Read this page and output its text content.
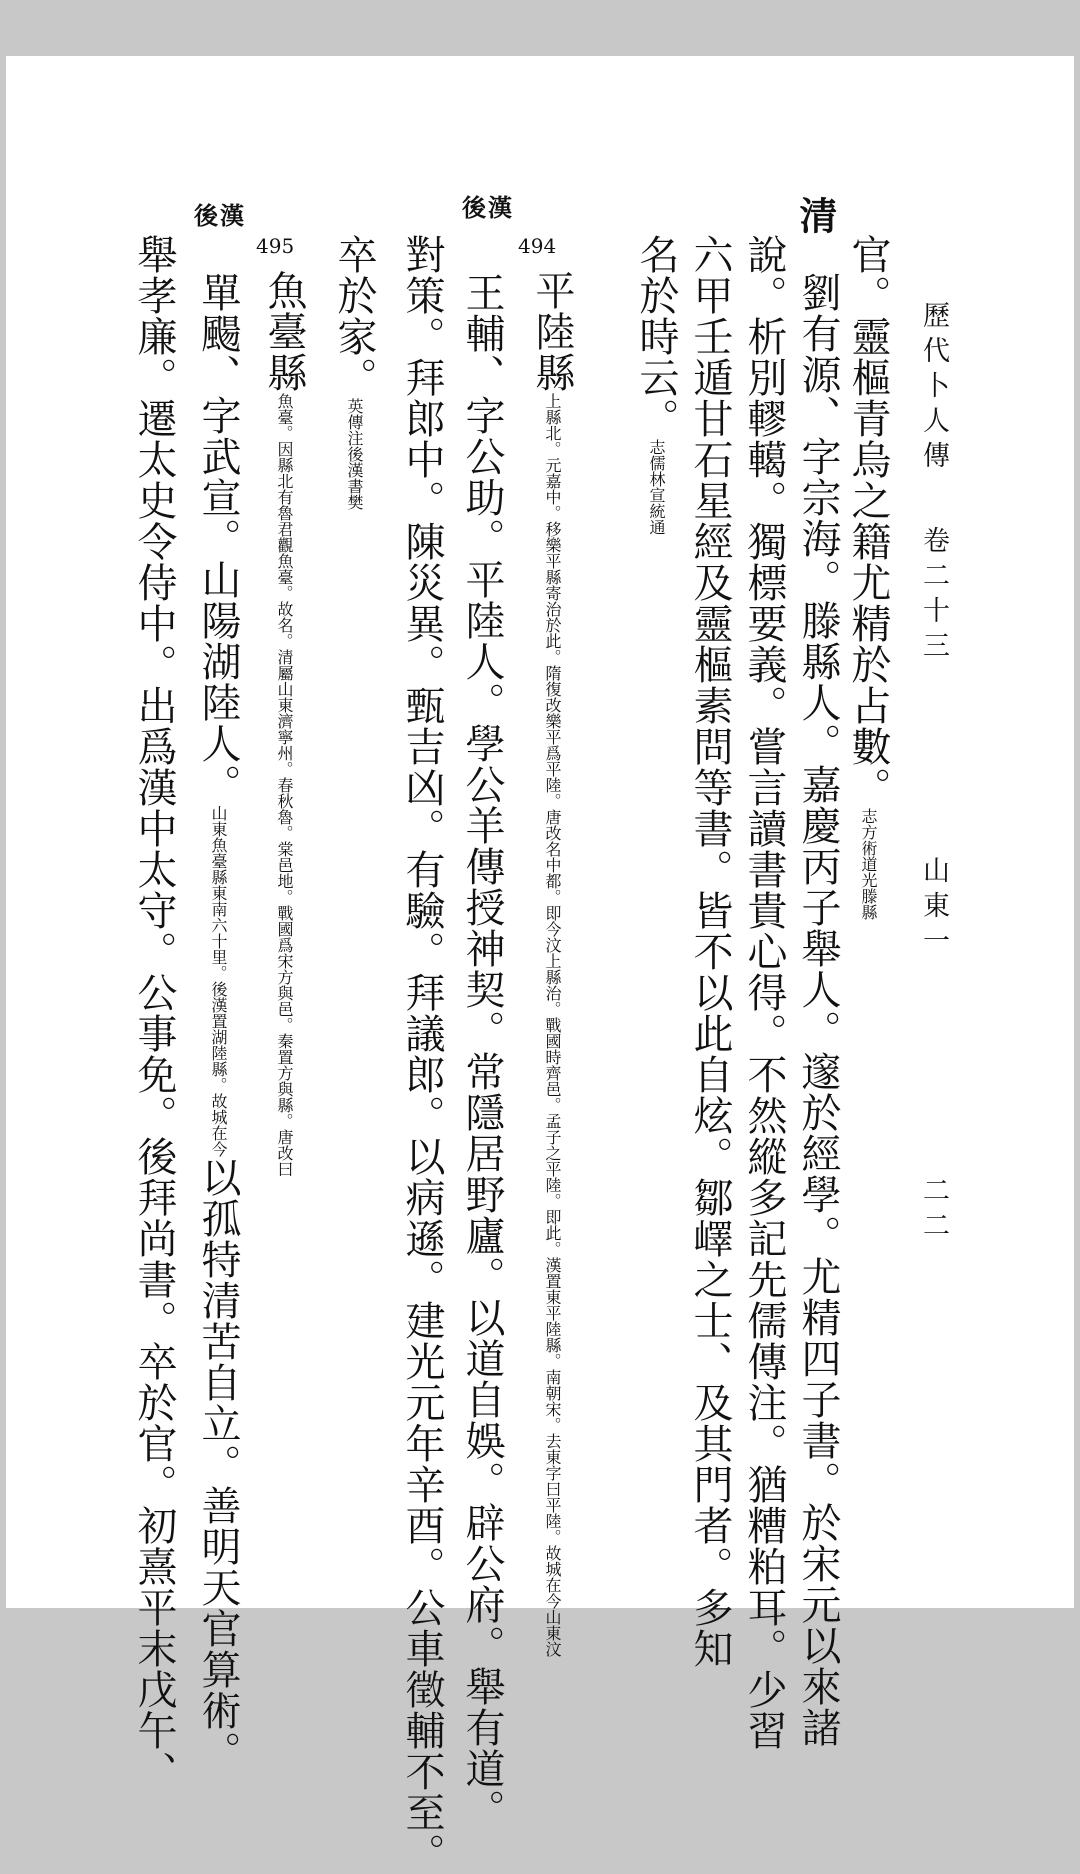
歷代卜人傳
卷二十三
山東一
二二
清
後漢
後漢
官。靈樞青烏之籍尤精於占數。
道光滕縣
志方術
劉有源、字宗海。滕縣人。嘉慶丙子舉人。邃於經學。尤精四子書。於宋元以來諸
說。析別轇轕。獨標要義。嘗言讀書貴心得。不然縱多記先儒傳注。猶糟粕耳。少習
六甲壬遁甘石星經及靈樞素問等書。皆不以此自炫。鄒嶧之士、及其門者。多知
名於時云。
宣統通
志儒林
494
平陸縣
戰國時齊邑。孟子之平陸。即此。漢置東平陸縣。南朝宋。去東字曰平陸。故城在今山東汶
上縣北。元嘉中。移樂平縣寄治於此。隋復改樂平爲平陸。唐改名中都。即今汶上縣治。
王輔、字公助。平陸人。學公羊傳授神契。常隱居野廬。以道自娛。辟公府。舉有道。
對策。拜郎中。陳災異。甄吉凶。有驗。拜議郎。以病遜。建光元年辛酉。公車徵輔不至。
卒於家。
後漢書樊
英傳注
495
魚臺縣
春秋魯。棠邑地。戰國爲宋方與邑。秦置方與縣。唐改曰
魚臺。因縣北有魯君觀魚臺。故名。清屬山東濟寧州。
單颺、字武宣。山陽湖陸人。
後漢置湖陸縣。故城在今
山東魚臺縣東南六十里。
以孤特清苦自立。善明天官算術。
舉孝廉。遷太史令侍中。出爲漢中太守。公事免。後拜尚書。卒於官。初熹平末戊午、
